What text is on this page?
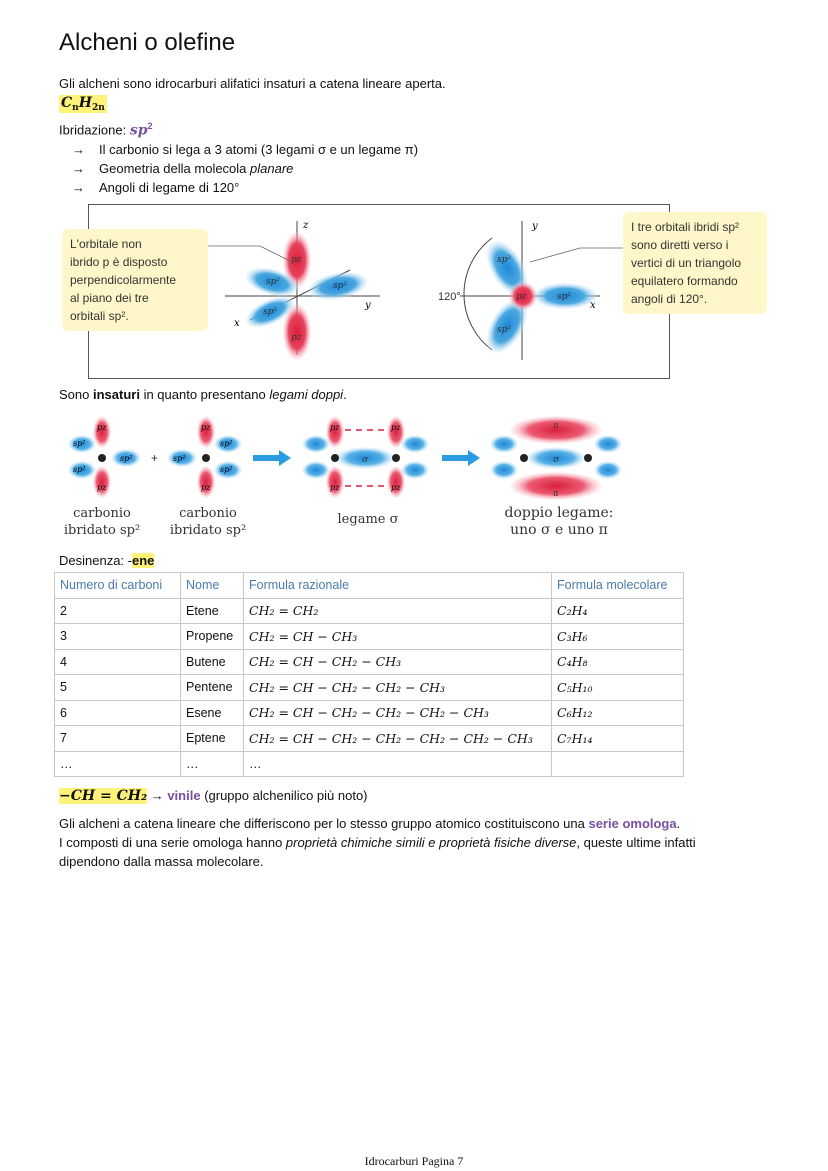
Alcheni o olefine
Gli alcheni sono idrocarburi alifatici insaturi a catena lineare aperta.
$C_nH_{2n}$
Ibridazione: $sp^2$
→ Il carbonio si lega a 3 atomi (3 legami σ e un legame π)
→ Geometria della molecola planare
→ Angoli di legame di 120°
z
y
x
pz
pz
sp²	sp²
sp²
y
x
120°
sp²
sp²
sp²
pz
L'orbitale non
ibrido p è disposto
perpendicolarmente
al piano dei tre
orbitali sp².
I tre orbitali ibridi sp²
sono diretti verso i
vertici di un triangolo
equilatero formando
angoli di 120°.
Sono insaturi in quanto presentano legami doppi.
pz
pz
sp²
sp²
sp² +
pz
pz
sp²
sp²
sp²	σ
pz	pz
pz	pz
π
π
σ
carbonio
ibridato sp²
carbonio
ibridato sp²
legame σ	doppio legame:
uno σ e uno π
Desinenza: -ene
Numero di carboni	Nome	Formula razionale	Formula molecolare
2	Etene	CH₂ = CH₂	C₂H₄
3	Propene	CH₂ = CH − CH₃	C₃H₆
4	Butene	CH₂ = CH − CH₂ − CH₃	C₄H₈
5	Pentene	CH₂ = CH − CH₂ − CH₂ − CH₃	C₅H₁₀
6	Esene	CH₂ = CH − CH₂ − CH₂ − CH₂ − CH₃	C₆H₁₂
7	Eptene	CH₂ = CH − CH₂ − CH₂ − CH₂ − CH₂ − CH₃	C₇H₁₄
…	…	…	
−CH = CH₂ → vinile (gruppo alchenilico più noto)
Gli alcheni a catena lineare che differiscono per lo stesso gruppo atomico costituiscono una serie omologa.
I composti di una serie omologa hanno proprietà chimiche simili e proprietà fisiche diverse, queste ultime infatti
dipendono dalla massa molecolare.
Idrocarburi Pagina 7
